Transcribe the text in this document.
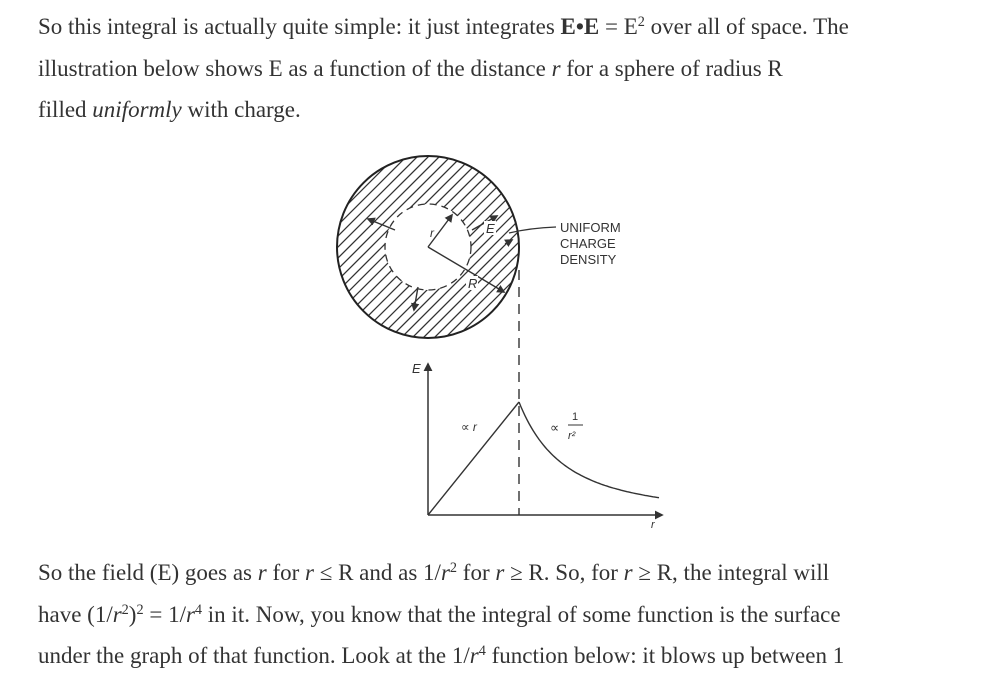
So this integral is actually quite simple: it just integrates E•E = $E^2$ over all of space. The
illustration below shows E as a function of the distance r for a sphere of radius R
filled uniformly with charge.

r	E
R
UNIFORM
CHARGE
DENSITY
E
r
∝ r	∝
1
r²

So the field (E) goes as r for r ≤ R and as $1/r^2$ for r ≥ R. So, for r ≥ R, the integral will
have $(1/r^2)^2 = 1/r^4$ in it. Now, you know that the integral of some function is the surface
under the graph of that function. Look at the $1/r^4$ function below: it blows up between 1
